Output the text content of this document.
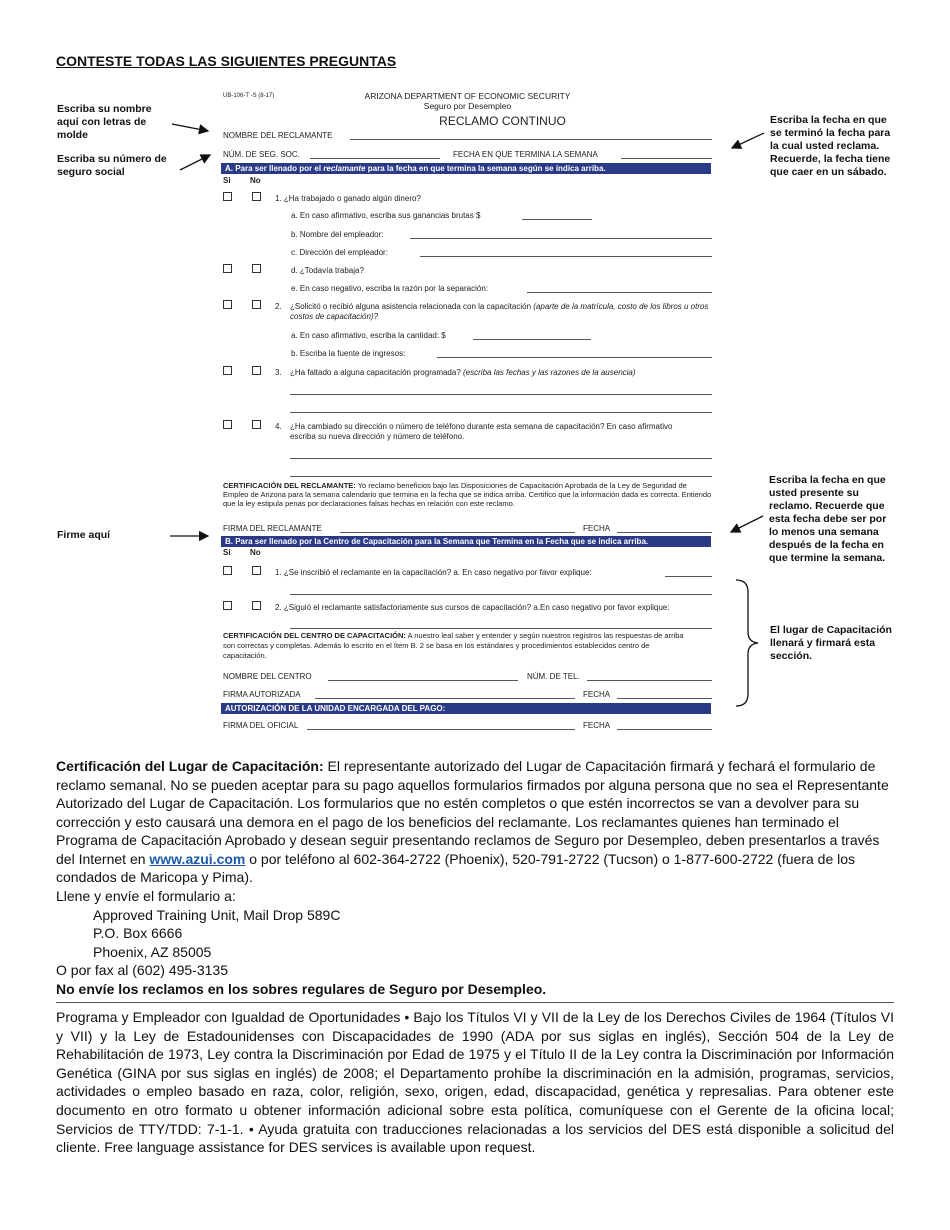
CONTESTE TODAS LAS SIGUIENTES PREGUNTAS
Escriba su nombre aquí con letras de molde
Escriba su número de seguro social
Firme aquí
Escriba la fecha en que se terminó la fecha para la cual usted reclama. Recuerde, la fecha tiene que caer en un sábado.
Escriba la fecha en que usted presente su reclamo. Recuerde que esta fecha debe ser por lo menos una semana después de la fecha en que termine la semana.
El lugar de Capacitación llenará y firmará esta sección.
UB-106-T -S (8-17)	ARIZONA DEPARTMENT OF ECONOMIC SECURITY
Seguro por Desempleo
RECLAMO CONTINUO
NOMBRE DEL RECLAMANTE
NÚM. DE SEG. SOC.	FECHA EN QUE TERMINA LA SEMANA
A. Para ser llenado por el reclamante para la fecha en que termina la semana según se indica arriba.
Si No
1. ¿Ha trabajado o ganado algún dinero?
a. En caso afirmativo, escriba sus ganancias brutas $
b. Nombre del empleador:
c. Dirección del empleador:
d. ¿Todavía trabaja?
e. En caso negativo, escriba la razón por la separación:
2. ¿Solicitó o recibió alguna asistencia relacionada con la capacitación (aparte de la matrícula, costo de los libros u otros costos de capacitación)?
a. En caso afirmativo, escriba la cantidad: $
b. Escriba la fuente de ingresos:
3. ¿Ha faltado a alguna capacitación programada? (escriba las fechas y las razones de la ausencia)
4. ¿Ha cambiado su dirección o número de teléfono durante esta semana de capacitación? En caso afirmativo escriba su nueva dirección y número de teléfono.
CERTIFICACIÓN DEL RECLAMANTE: Yo reclamo beneficios bajo las Disposiciones de Capacitación Aprobada de la Ley de Seguridad de Empleo de Arizona para la semana calendario que termina en la fecha que se indica arriba. Certifico que la información dada es correcta. Entiendo que la ley estipula penas por declaraciones falsas hechas en relación con este reclamo.
FIRMA DEL RECLAMANTE	FECHA
B. Para ser llenado por la Centro de Capacitación para la Semana que Termina en la Fecha que se indica arriba.
Si No
1. ¿Se inscribió el reclamante en la capacitación? a. En caso negativo por favor explique:
2. ¿Siguió el reclamante satisfactoriamente sus cursos de capacitación? a.En caso negativo por favor explique:
CERTIFICACIÓN DEL CENTRO DE CAPACITACIÓN: A nuestro leal saber y entender y según nuestros registros las respuestas de arriba son correctas y completas. Además lo escrito en el Ítem B. 2 se basa en los estándares y procedimientos establecidos centro de capacitación.
NOMBRE DEL CENTRO	NÚM. DE TEL.
FIRMA AUTORIZADA	FECHA
AUTORIZACIÓN DE LA UNIDAD ENCARGADA DEL PAGO:
FIRMA DEL OFICIAL	FECHA
Certificación del Lugar de Capacitación: El representante autorizado del Lugar de Capacitación firmará y fechará el formulario de reclamo semanal. No se pueden aceptar para su pago aquellos formularios firmados por alguna persona que no sea el Representante Autorizado del Lugar de Capacitación. Los formularios que no estén completos o que estén incorrectos se van a devolver para su corrección y esto causará una demora en el pago de los beneficios del reclamante. Los reclamantes quienes han terminado el Programa de Capacitación Aprobado y desean seguir presentando reclamos de Seguro por Desempleo, deben presentarlos a través del Internet en www.azui.com o por teléfono al 602-364-2722 (Phoenix), 520-791-2722 (Tucson) o 1-877-600-2722 (fuera de los condados de Maricopa y Pima).
Llene y envíe el formulario a:
Approved Training Unit, Mail Drop 589C
P.O. Box 6666
Phoenix, AZ 85005
O por fax al (602) 495-3135
No envíe los reclamos en los sobres regulares de Seguro por Desempleo.
Programa y Empleador con Igualdad de Oportunidades • Bajo los Títulos VI y VII de la Ley de los Derechos Civiles de 1964 (Títulos VI y VII) y la Ley de Estadounidenses con Discapacidades de 1990 (ADA por sus siglas en inglés), Sección 504 de la Ley de Rehabilitación de 1973, Ley contra la Discriminación por Edad de 1975 y el Título II de la Ley contra la Discriminación por Información Genética (GINA por sus siglas en inglés) de 2008; el Departamento prohíbe la discriminación en la admisión, programas, servicios, actividades o empleo basado en raza, color, religión, sexo, origen, edad, discapacidad, genética y represalias. Para obtener este documento en otro formato u obtener información adicional sobre esta política, comuníquese con el Gerente de la oficina local; Servicios de TTY/TDD: 7-1-1. • Ayuda gratuita con traducciones relacionadas a los servicios del DES está disponible a solicitud del cliente. Free language assistance for DES services is available upon request.
